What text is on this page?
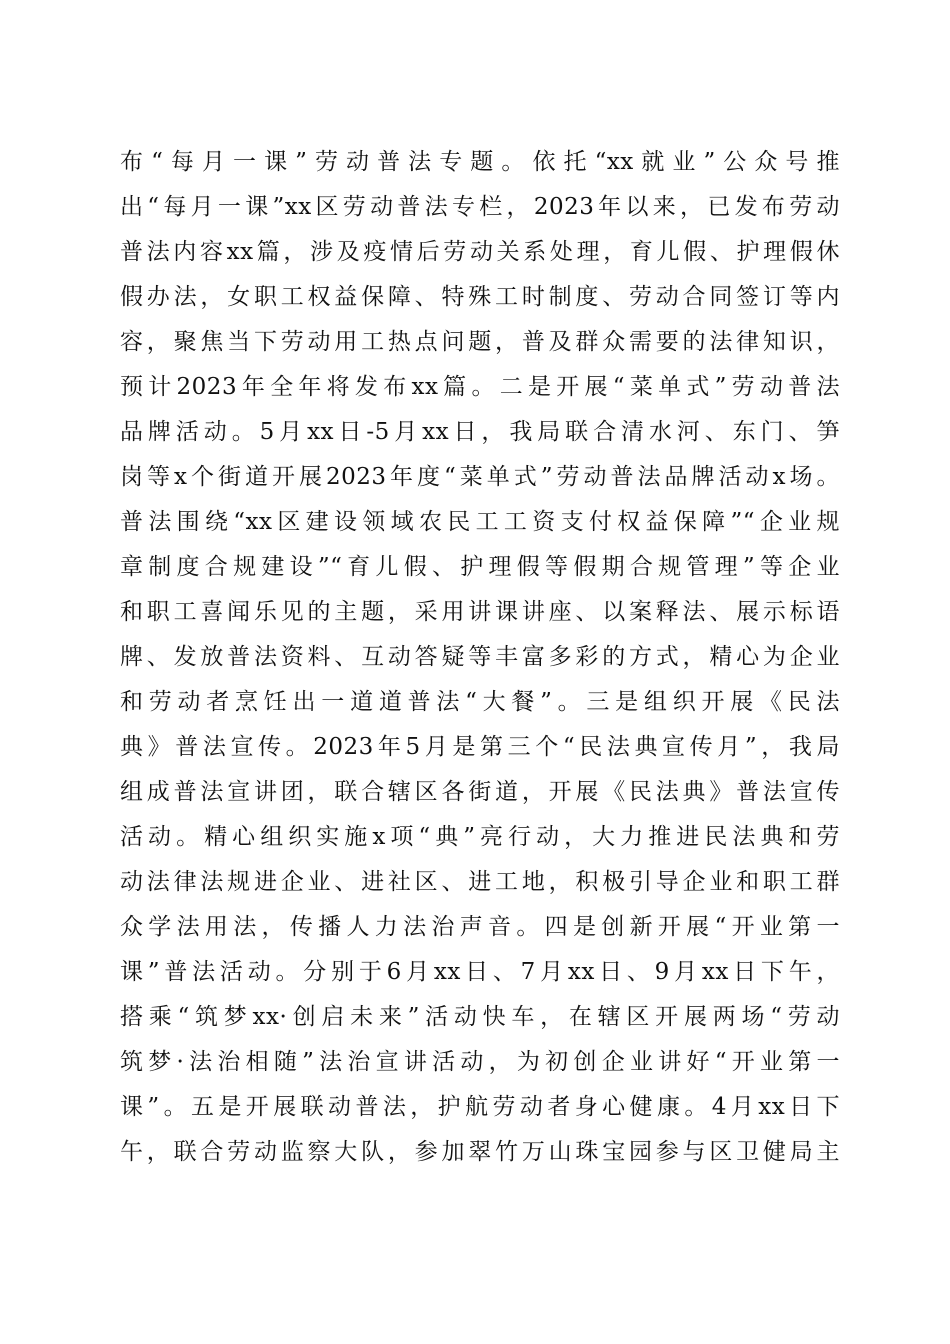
布“每月一课”劳动普法专题。依托“xx就业”公众号推
出“每月一课”xx区劳动普法专栏，2023年以来，已发布劳动
普法内容xx篇，涉及疫情后劳动关系处理，育儿假、护理假休
假办法，女职工权益保障、特殊工时制度、劳动合同签订等内
容，聚焦当下劳动用工热点问题，普及群众需要的法律知识，
预计2023年全年将发布xx篇。二是开展“菜单式”劳动普法
品牌活动。5月xx日-5月xx日，我局联合清水河、东门、笋
岗等x个街道开展2023年度“菜单式”劳动普法品牌活动x场。
普法围绕“xx区建设领域农民工工资支付权益保障”“企业规
章制度合规建设”“育儿假、护理假等假期合规管理”等企业
和职工喜闻乐见的主题，采用讲课讲座、以案释法、展示标语
牌、发放普法资料、互动答疑等丰富多彩的方式，精心为企业
和劳动者烹饪出一道道普法“大餐”。三是组织开展《民法
典》普法宣传。2023年5月是第三个“民法典宣传月”，我局
组成普法宣讲团，联合辖区各街道，开展《民法典》普法宣传
活动。精心组织实施x项“典”亮行动，大力推进民法典和劳
动法律法规进企业、进社区、进工地，积极引导企业和职工群
众学法用法，传播人力法治声音。四是创新开展“开业第一
课”普法活动。分别于6月xx日、7月xx日、9月xx日下午，
搭乘“筑梦xx·创启未来”活动快车，在辖区开展两场“劳动
筑梦·法治相随”法治宣讲活动，为初创企业讲好“开业第一
课”。五是开展联动普法，护航劳动者身心健康。4月xx日下
午，联合劳动监察大队，参加翠竹万山珠宝园参与区卫健局主
